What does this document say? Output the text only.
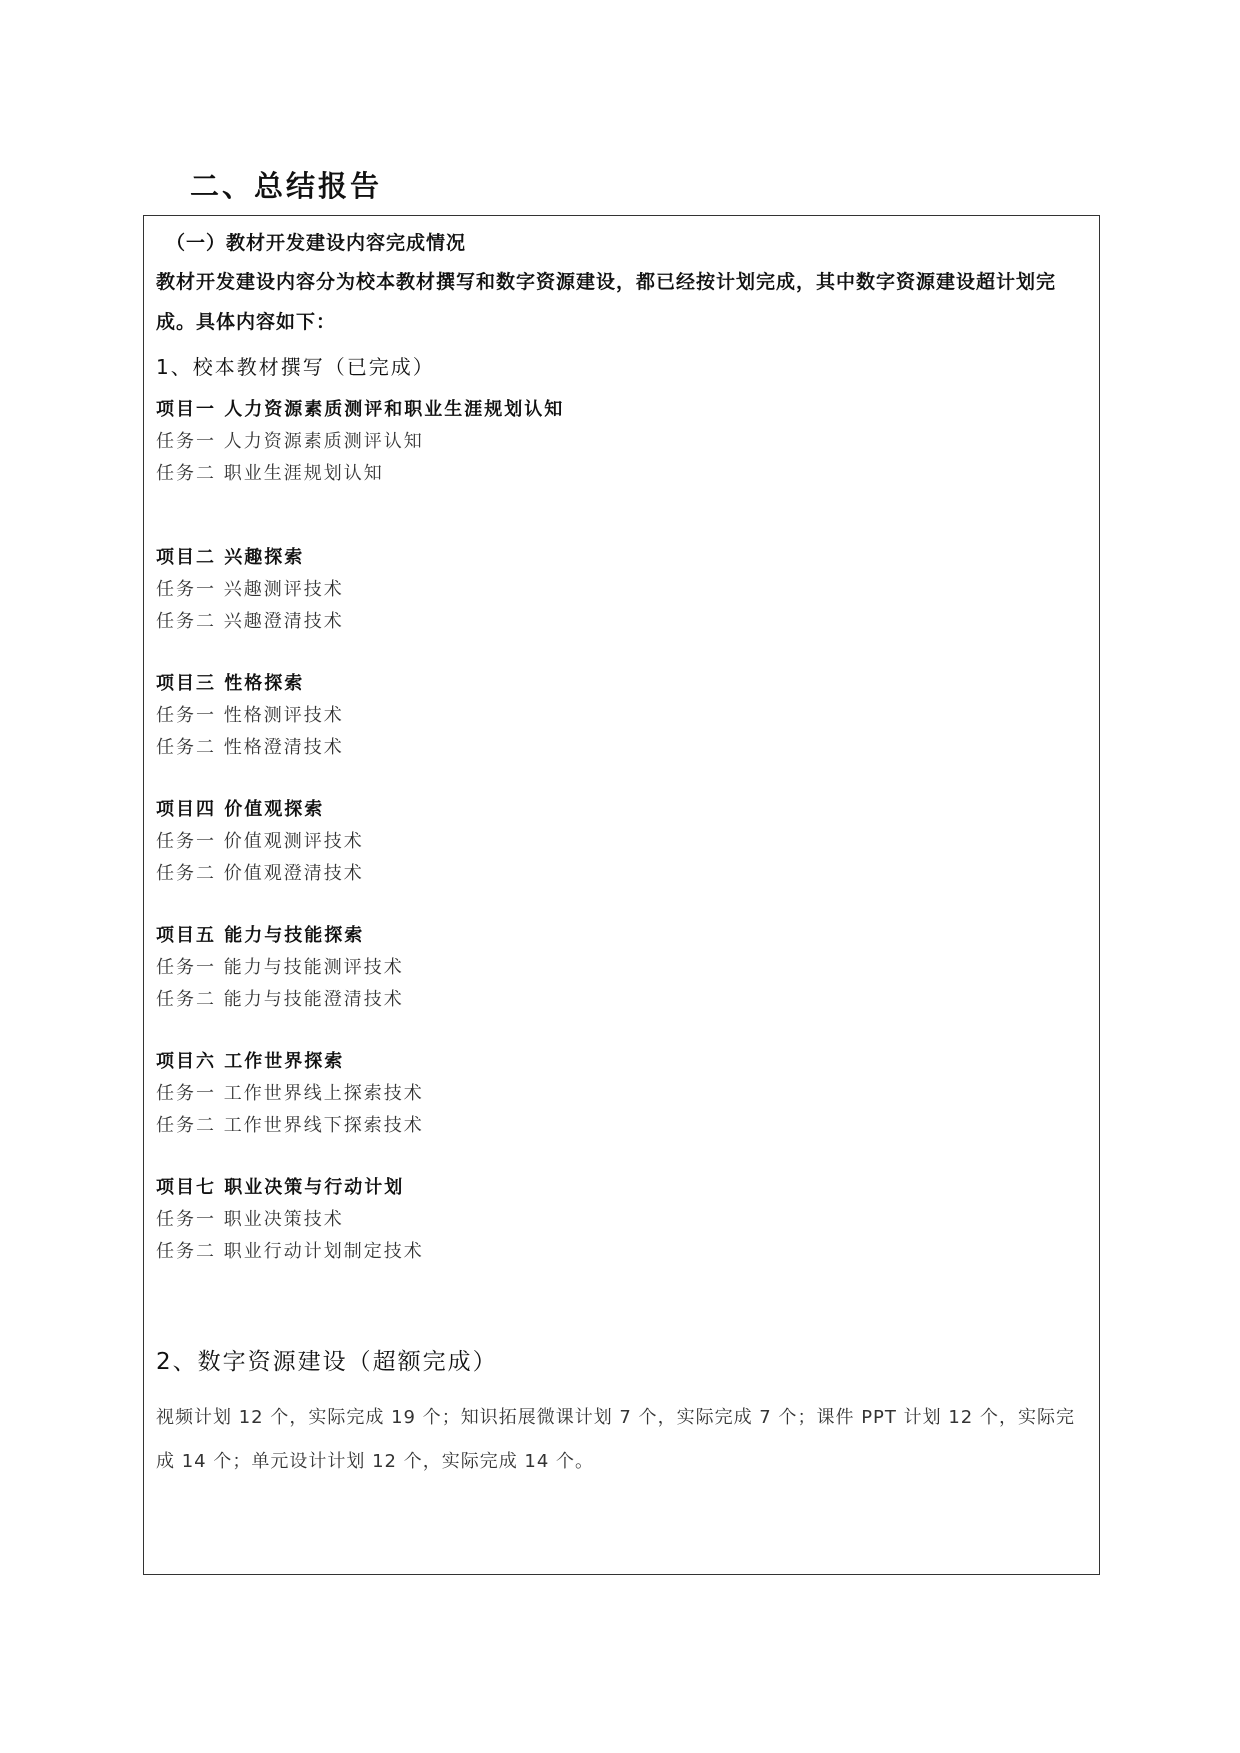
二、总结报告
（一）教材开发建设内容完成情况
教材开发建设内容分为校本教材撰写和数字资源建设，都已经按计划完成，其中数字资源建设超计划完成。具体内容如下：
1、校本教材撰写（已完成）
项目一 人力资源素质测评和职业生涯规划认知
任务一 人力资源素质测评认知
任务二 职业生涯规划认知
项目二 兴趣探索
任务一 兴趣测评技术
任务二 兴趣澄清技术
项目三 性格探索
任务一 性格测评技术
任务二 性格澄清技术
项目四 价值观探索
任务一 价值观测评技术
任务二 价值观澄清技术
项目五 能力与技能探索
任务一 能力与技能测评技术
任务二 能力与技能澄清技术
项目六 工作世界探索
任务一 工作世界线上探索技术
任务二 工作世界线下探索技术
项目七 职业决策与行动计划
任务一 职业决策技术
任务二 职业行动计划制定技术
2、数字资源建设（超额完成）
视频计划 12 个，实际完成 19 个；知识拓展微课计划 7 个，实际完成 7 个；课件 PPT 计划 12 个，实际完成 14 个；单元设计计划 12 个，实际完成 14 个。
